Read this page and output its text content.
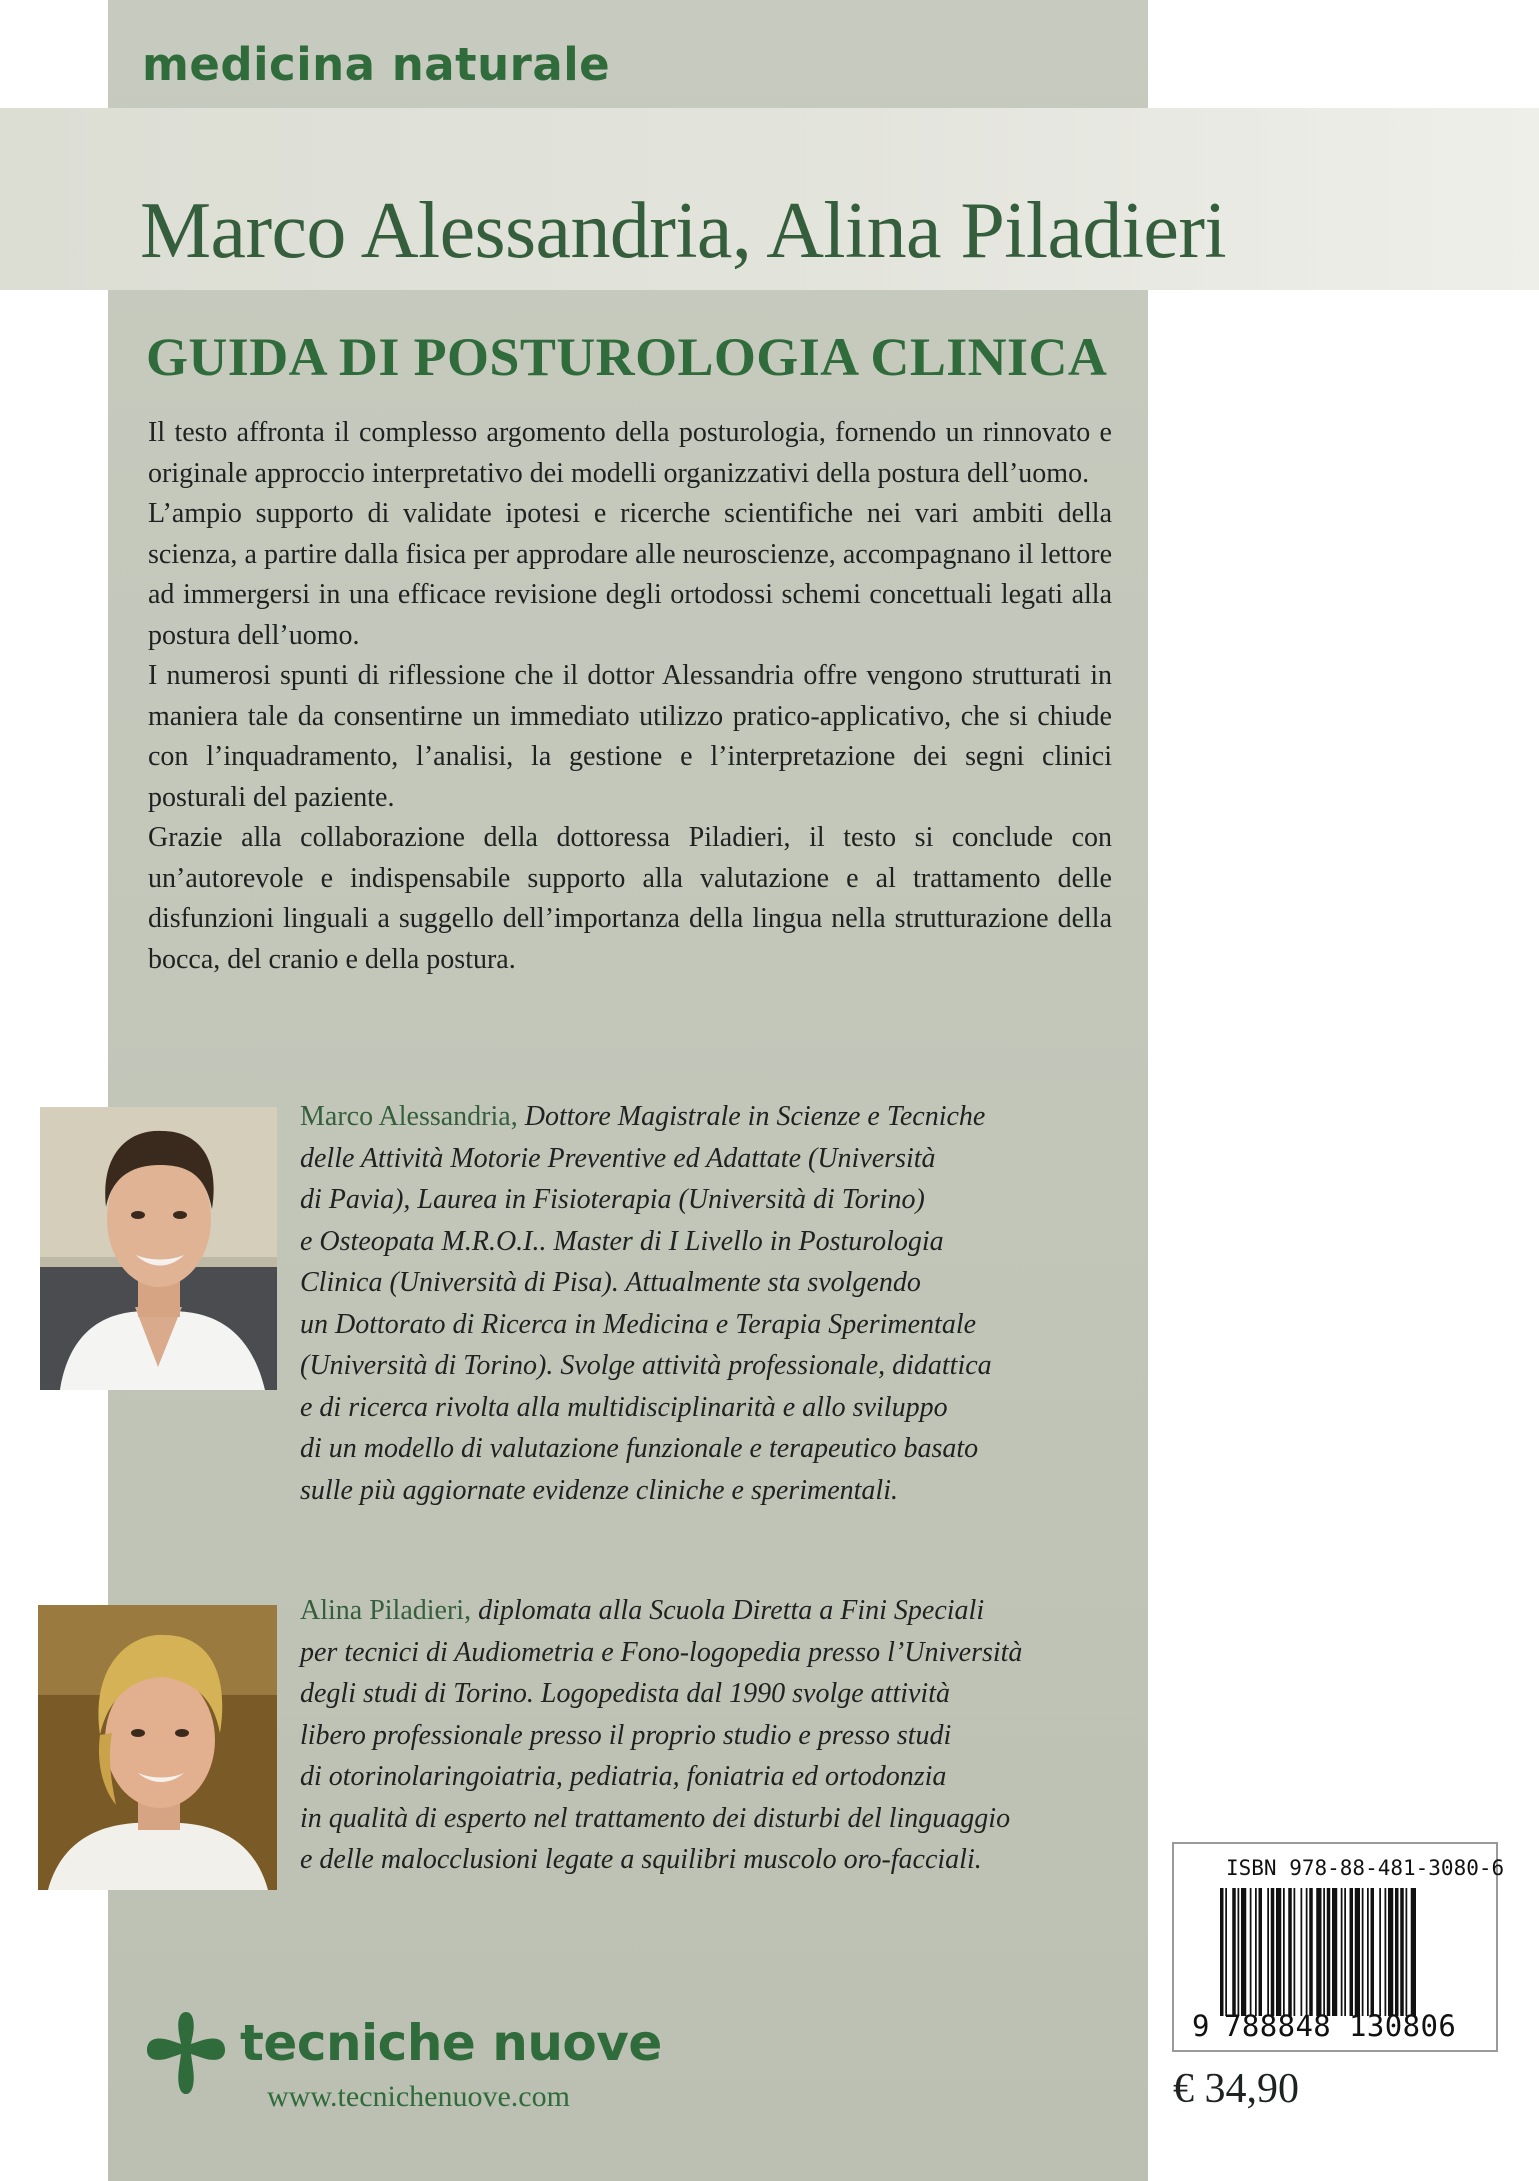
medicina naturale
Marco Alessandria, Alina Piladieri
GUIDA DI POSTUROLOGIA CLINICA

Il testo affronta il complesso argomento della posturologia, fornendo un rinnovato e originale approccio interpretativo dei modelli organizzativi della postura dell’uomo.

L’ampio supporto di validate ipotesi e ricerche scientifiche nei vari ambiti della scienza, a partire dalla fisica per approdare alle neuroscienze, accompagnano il lettore ad immergersi in una efficace revisione degli ortodossi schemi concettuali legati alla postura dell’uomo.

I numerosi spunti di riflessione che il dottor Alessandria offre vengono strutturati in maniera tale da consentirne un immediato utilizzo pratico-applicativo, che si chiude con l’inquadramento, l’analisi, la gestione e l’interpretazione dei segni clinici posturali del paziente.

Grazie alla collaborazione della dottoressa Piladieri, il testo si conclude con un’autorevole e indispensabile supporto alla valutazione e al trattamento delle disfunzioni linguali a suggello dell’importanza della lingua nella strutturazione della bocca, del cranio e della postura.

Marco Alessandria, Dottore Magistrale in Scienze e Tecniche
delle Attività Motorie Preventive ed Adattate (Università
di Pavia), Laurea in Fisioterapia (Università di Torino)
e Osteopata M.R.O.I.. Master di I Livello in Posturologia
Clinica (Università di Pisa). Attualmente sta svolgendo
un Dottorato di Ricerca in Medicina e Terapia Sperimentale
(Università di Torino). Svolge attività professionale, didattica
e di ricerca rivolta alla multidisciplinarità e allo sviluppo
di un modello di valutazione funzionale e terapeutico basato
sulle più aggiornate evidenze cliniche e sperimentali.
Alina Piladieri, diplomata alla Scuola Diretta a Fini Speciali
per tecnici di Audiometria e Fono-logopedia presso l’Università
degli studi di Torino. Logopedista dal 1990 svolge attività
libero professionale presso il proprio studio e presso studi
di otorinolaringoiatria, pediatria, foniatria ed ortodonzia
in qualità di esperto nel trattamento dei disturbi del linguaggio
e delle malocclusioni legate a squilibri muscolo oro-facciali.
tecniche nuove
www.tecnichenuove.com
ISBN 978-88-481-3080-6
9 788848 130806
€ 34,90
